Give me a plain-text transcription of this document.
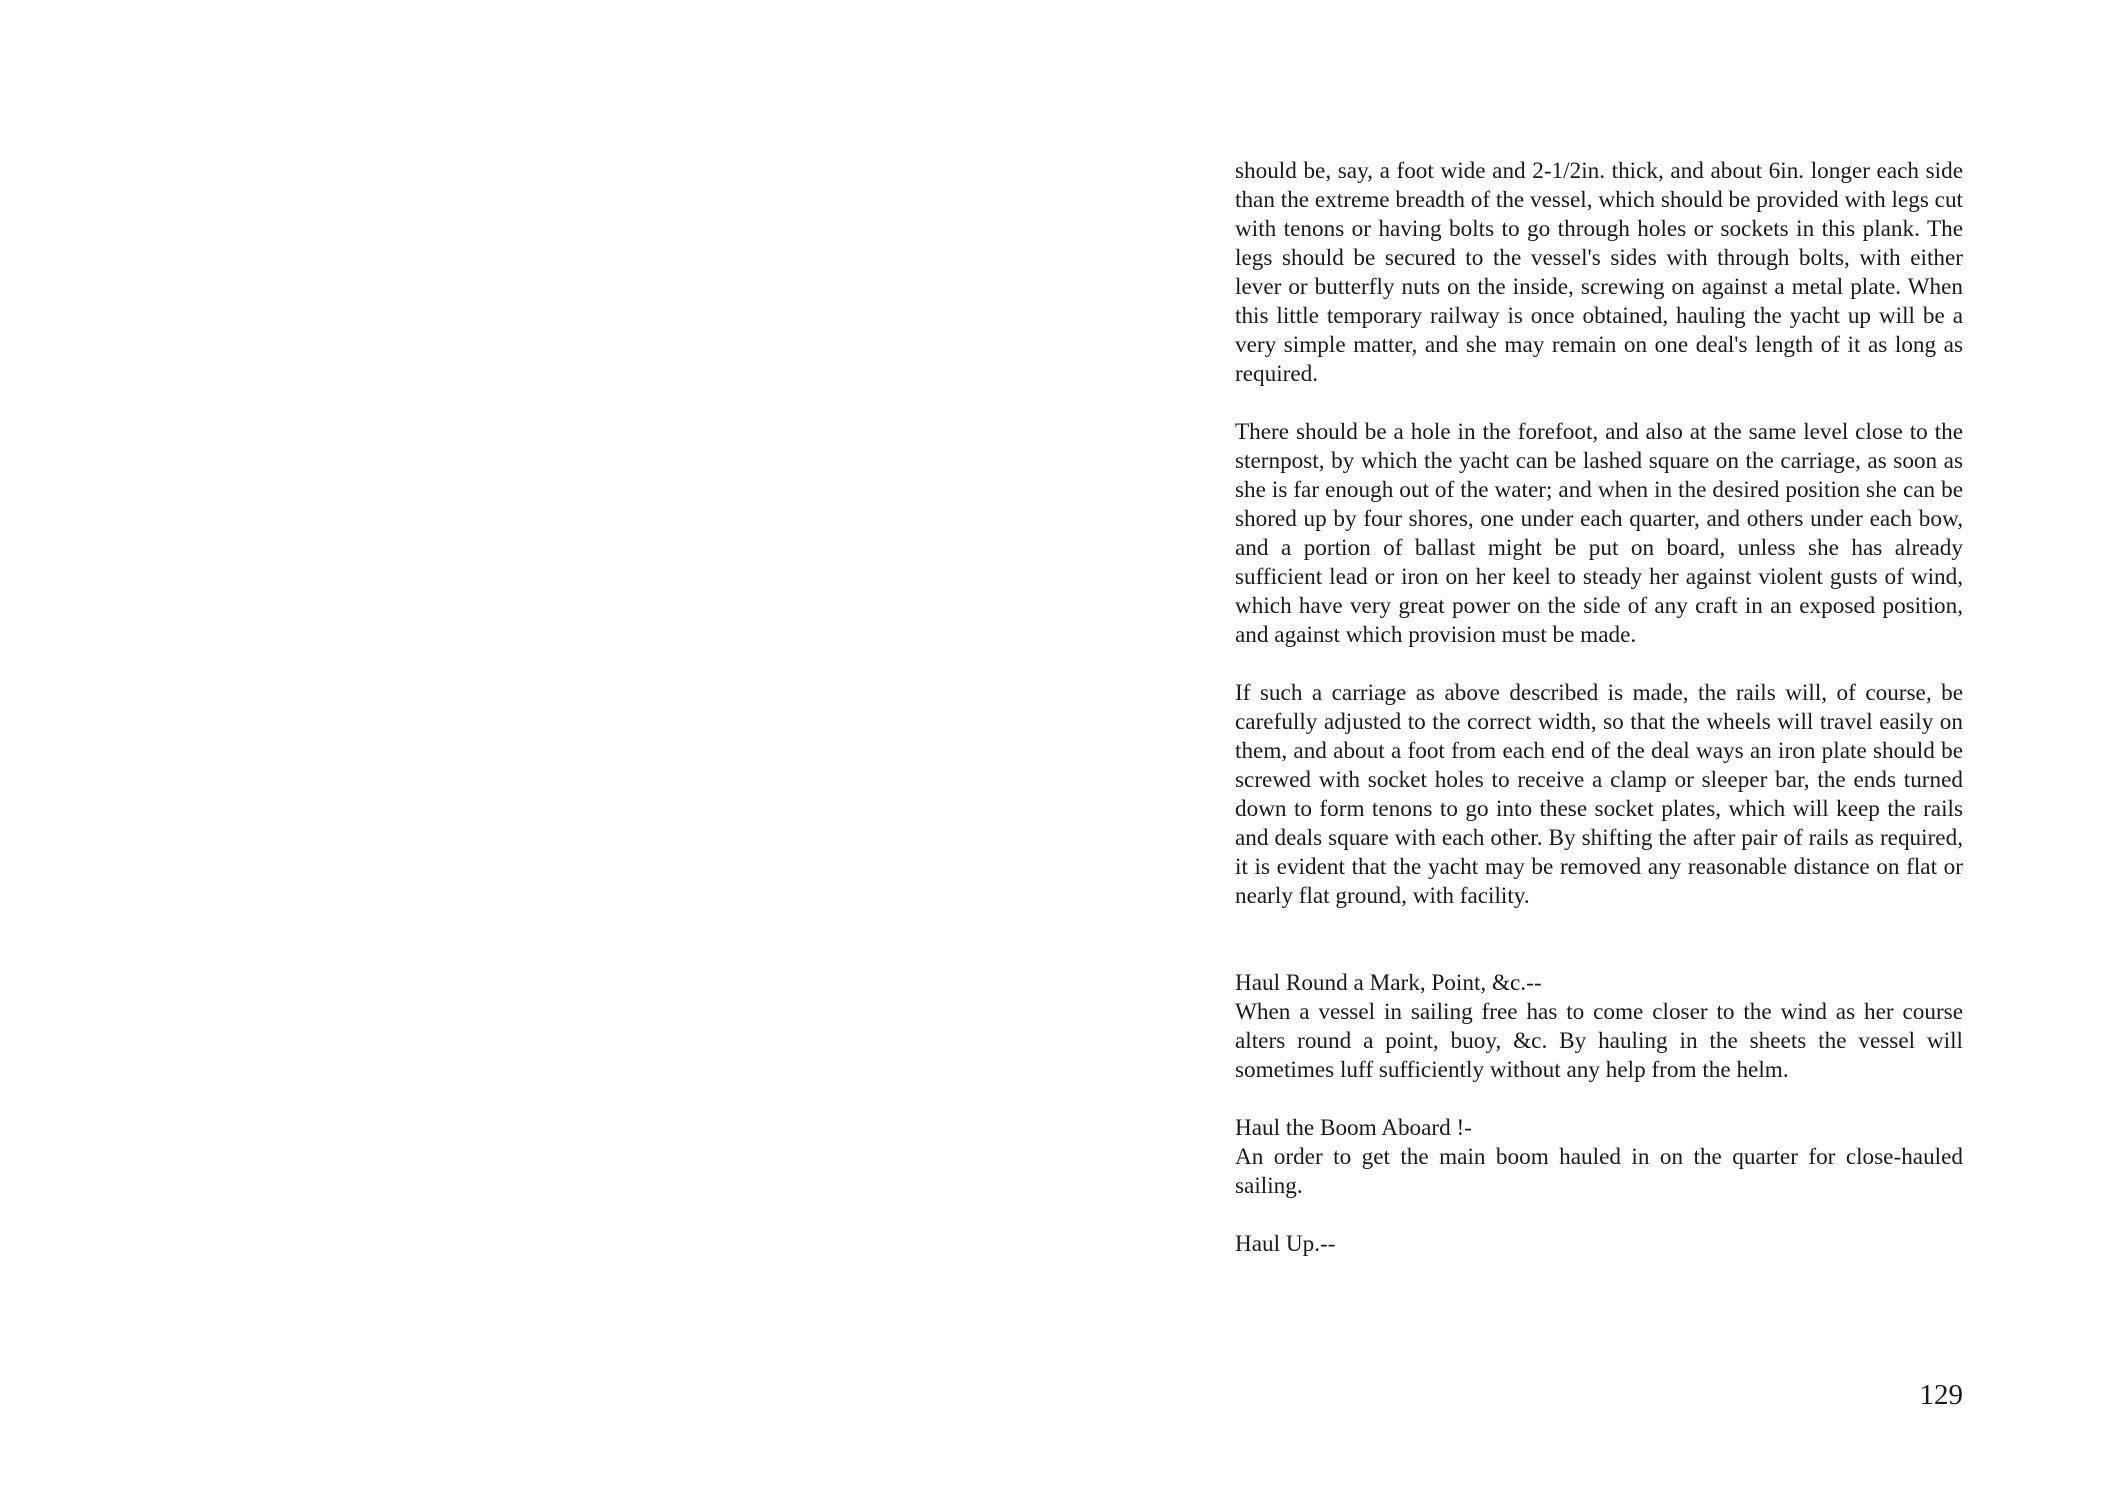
should be, say, a foot wide and 2-1/2in. thick, and about 6in. longer each side than the extreme breadth of the vessel, which should be provided with legs cut with tenons or having bolts to go through holes or sockets in this plank. The legs should be secured to the vessel's sides with through bolts, with either lever or butterfly nuts on the inside, screwing on against a metal plate. When this little temporary railway is once obtained, hauling the yacht up will be a very simple matter, and she may remain on one deal's length of it as long as required.

There should be a hole in the forefoot, and also at the same level close to the sternpost, by which the yacht can be lashed square on the carriage, as soon as she is far enough out of the water; and when in the desired position she can be shored up by four shores, one under each quarter, and others under each bow, and a portion of ballast might be put on board, unless she has already sufficient lead or iron on her keel to steady her against violent gusts of wind, which have very great power on the side of any craft in an exposed position, and against which provision must be made.

If such a carriage as above described is made, the rails will, of course, be carefully adjusted to the correct width, so that the wheels will travel easily on them, and about a foot from each end of the deal ways an iron plate should be screwed with socket holes to receive a clamp or sleeper bar, the ends turned down to form tenons to go into these socket plates, which will keep the rails and deals square with each other. By shifting the after pair of rails as required, it is evident that the yacht may be removed any reasonable distance on flat or nearly flat ground, with facility.

Haul Round a Mark, Point, &c.--
When a vessel in sailing free has to come closer to the wind as her course alters round a point, buoy, &c. By hauling in the sheets the vessel will sometimes luff sufficiently without any help from the helm.
Haul the Boom Aboard !-
An order to get the main boom hauled in on the quarter for close-hauled sailing.
Haul Up.--
129
